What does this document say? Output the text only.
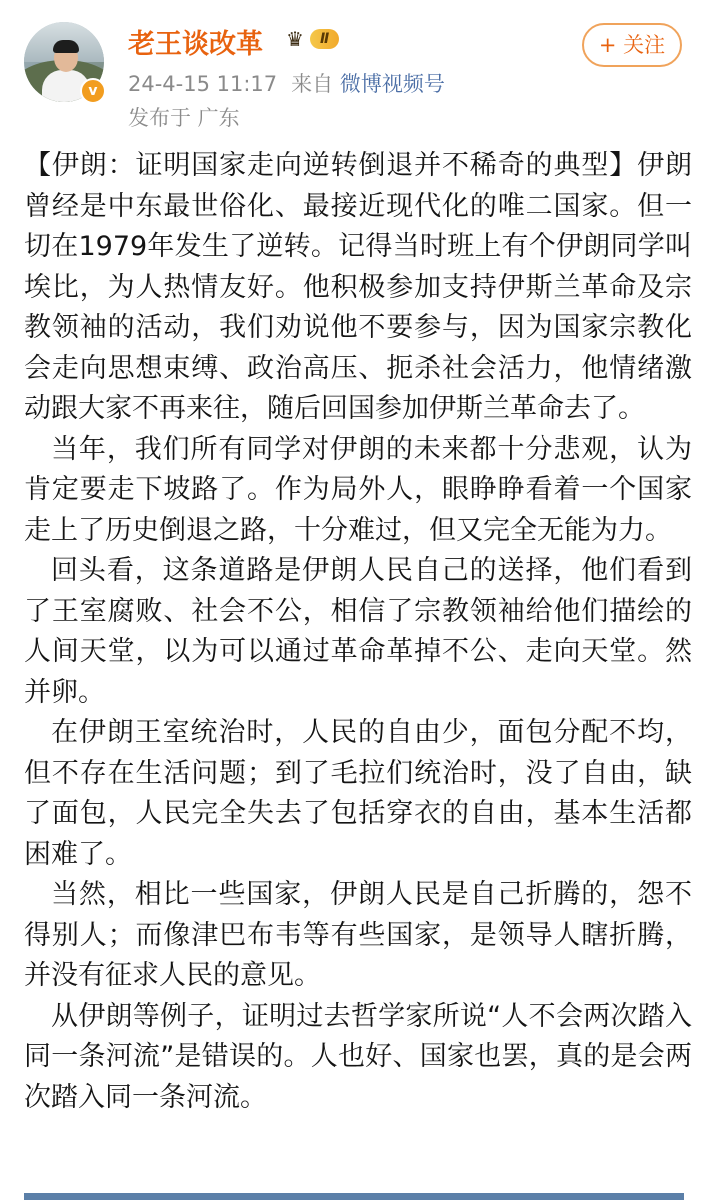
v
老王谈改革 ♛	Ⅱ
24-4-15 11:17 来自 微博视频号
发布于 广东
+ 关注

【伊朗：证明国家走向逆转倒退并不稀奇的典型】伊朗曾经是中东最世俗化、最接近现代化的唯二国家。但一切在1979年发生了逆转。记得当时班上有个伊朗同学叫埃比，为人热情友好。他积极参加支持伊斯兰革命及宗教领袖的活动，我们劝说他不要参与，因为国家宗教化会走向思想束缚、政治高压、扼杀社会活力，他情绪激动跟大家不再来往，随后回国参加伊斯兰革命去了。

当年，我们所有同学对伊朗的未来都十分悲观，认为肯定要走下坡路了。作为局外人，眼睁睁看着一个国家走上了历史倒退之路，十分难过，但又完全无能为力。

回头看，这条道路是伊朗人民自己的送择，他们看到了王室腐败、社会不公，相信了宗教领袖给他们描绘的人间天堂，以为可以通过革命革掉不公、走向天堂。然并卵。

在伊朗王室统治时，人民的自由少，面包分配不均，但不存在生活问题；到了毛拉们统治时，没了自由，缺了面包，人民完全失去了包括穿衣的自由，基本生活都困难了。

当然，相比一些国家，伊朗人民是自己折腾的，怨不得别人；而像津巴布韦等有些国家，是领导人瞎折腾，并没有征求人民的意见。

从伊朗等例子，证明过去哲学家所说“人不会两次踏入同一条河流”是错误的。人也好、国家也罢，真的是会两次踏入同一条河流。
